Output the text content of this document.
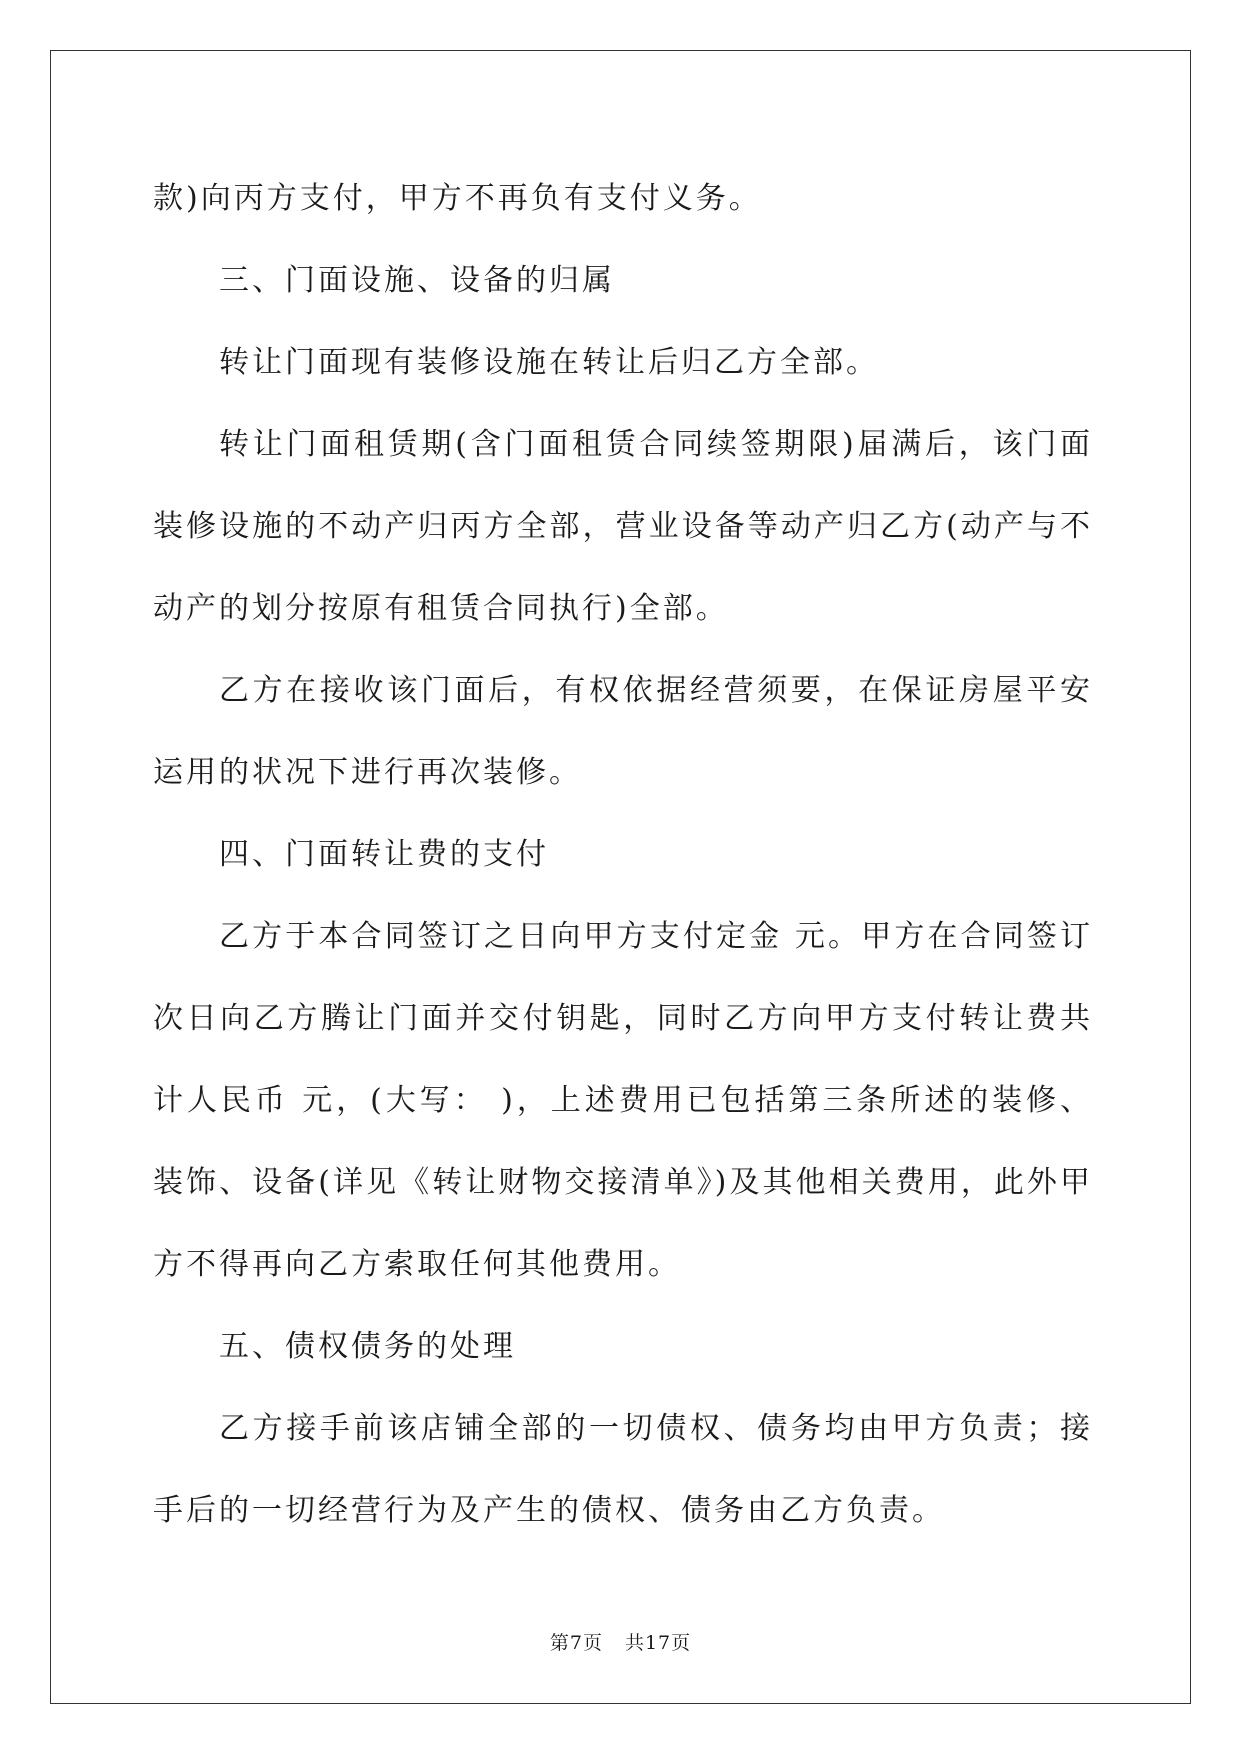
款)向丙方支付，甲方不再负有支付义务。

三、门面设施、设备的归属

转让门面现有装修设施在转让后归乙方全部。

转让门面租赁期(含门面租赁合同续签期限)届满后，该门面装修设施的不动产归丙方全部，营业设备等动产归乙方(动产与不动产的划分按原有租赁合同执行)全部。

乙方在接收该门面后，有权依据经营须要，在保证房屋平安运用的状况下进行再次装修。

四、门面转让费的支付

乙方于本合同签订之日向甲方支付定金 元。甲方在合同签订次日向乙方腾让门面并交付钥匙，同时乙方向甲方支付转让费共计人民币 元，(大写： )，上述费用已包括第三条所述的装修、装饰、设备(详见《转让财物交接清单》)及其他相关费用，此外甲方不得再向乙方索取任何其他费用。

五、债权债务的处理

乙方接手前该店铺全部的一切债权、债务均由甲方负责；接手后的一切经营行为及产生的债权、债务由乙方负责。

第7页 共17页
